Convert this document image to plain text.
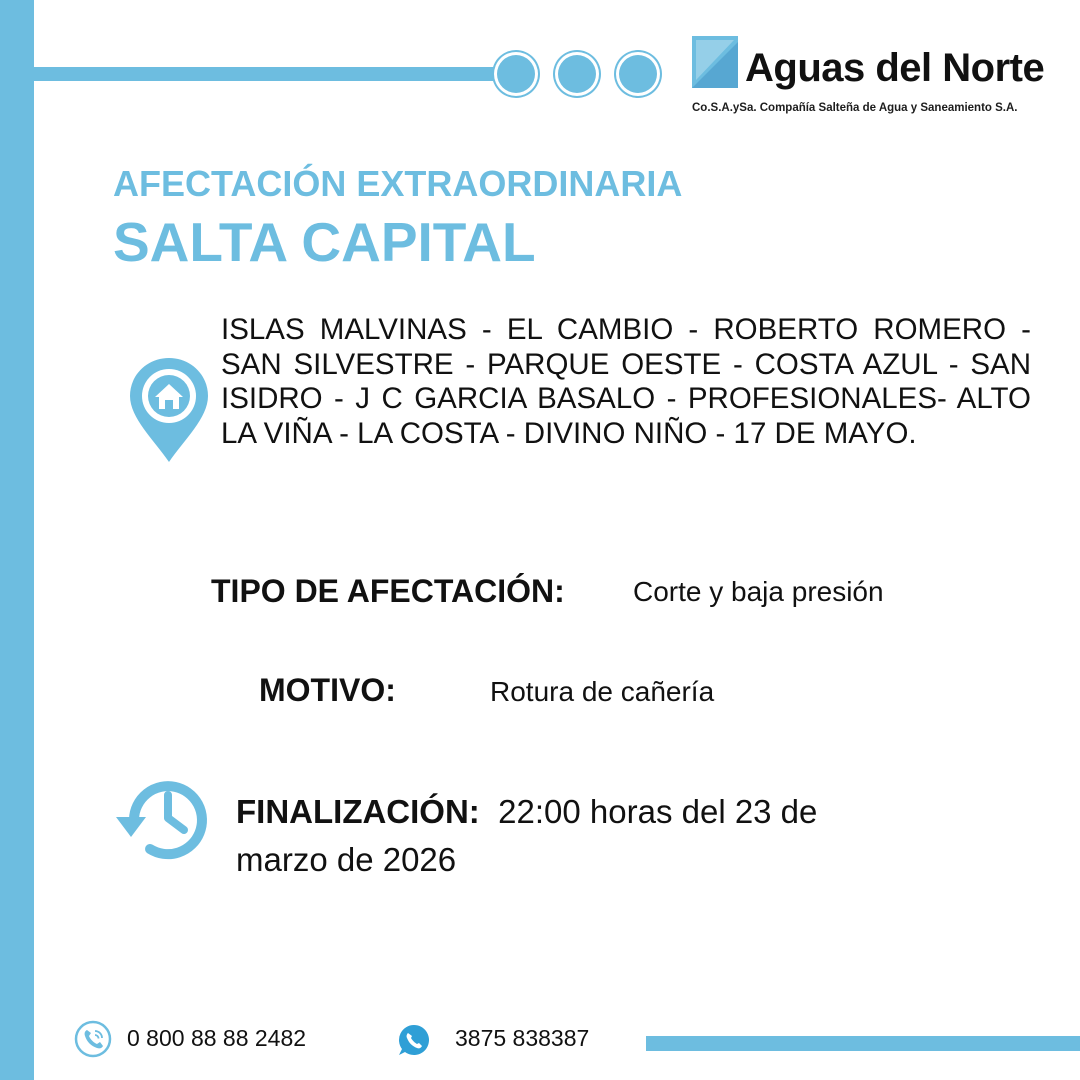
Aguas del Norte
Co.S.A.ySa. Compañía Salteña de Agua y Saneamiento S.A.
AFECTACIÓN EXTRAORDINARIA
SALTA CAPITAL
ISLAS MALVINAS - EL CAMBIO - ROBERTO ROMERO - SAN SILVESTRE - PARQUE OESTE - COSTA AZUL - SAN ISIDRO - J C GARCIA BASALO - PROFESIONALES- ALTO LA VIÑA - LA COSTA - DIVINO NIÑO - 17 DE MAYO.
TIPO DE AFECTACIÓN: Corte y baja presión
MOTIVO:	Rotura de cañería
FINALIZACIÓN: 22:00 horas del 23 de marzo de 2026
0 800 88 88 2482	3875 838387
